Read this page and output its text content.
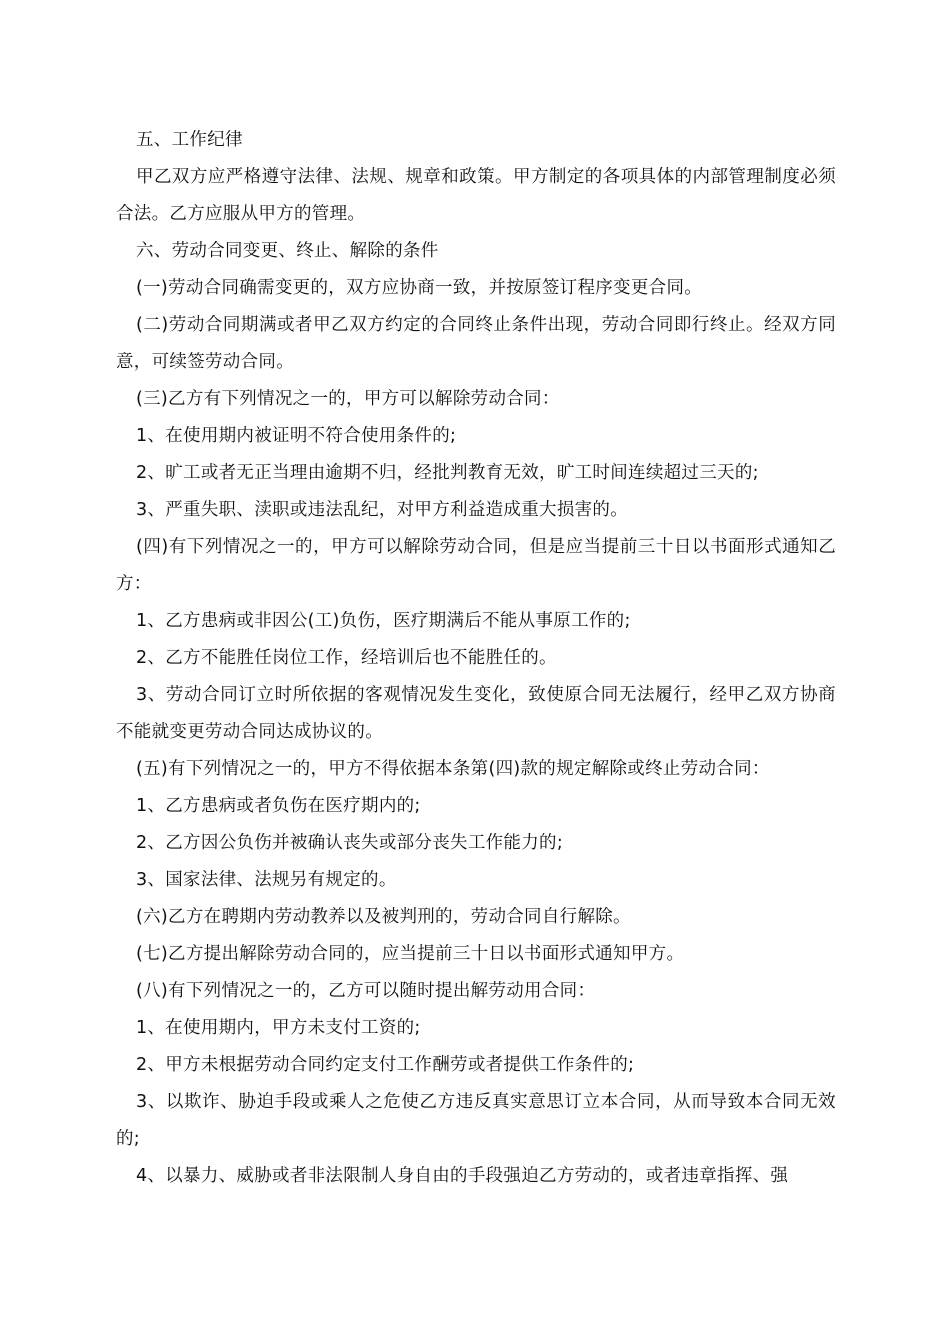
五、工作纪律

甲乙双方应严格遵守法律、法规、规章和政策。甲方制定的各项具体的内部管理制度必须合法。乙方应服从甲方的管理。

六、劳动合同变更、终止、解除的条件

(一)劳动合同确需变更的，双方应协商一致，并按原签订程序变更合同。

(二)劳动合同期满或者甲乙双方约定的合同终止条件出现，劳动合同即行终止。经双方同意，可续签劳动合同。

(三)乙方有下列情况之一的，甲方可以解除劳动合同：

1、在使用期内被证明不符合使用条件的;

2、旷工或者无正当理由逾期不归，经批判教育无效，旷工时间连续超过三天的;

3、严重失职、渎职或违法乱纪，对甲方利益造成重大损害的。

(四)有下列情况之一的，甲方可以解除劳动合同，但是应当提前三十日以书面形式通知乙方：

1、乙方患病或非因公(工)负伤，医疗期满后不能从事原工作的;

2、乙方不能胜任岗位工作，经培训后也不能胜任的。

3、劳动合同订立时所依据的客观情况发生变化，致使原合同无法履行，经甲乙双方协商不能就变更劳动合同达成协议的。

(五)有下列情况之一的，甲方不得依据本条第(四)款的规定解除或终止劳动合同：

1、乙方患病或者负伤在医疗期内的;

2、乙方因公负伤并被确认丧失或部分丧失工作能力的;

3、国家法律、法规另有规定的。

(六)乙方在聘期内劳动教养以及被判刑的，劳动合同自行解除。

(七)乙方提出解除劳动合同的，应当提前三十日以书面形式通知甲方。

(八)有下列情况之一的，乙方可以随时提出解劳动用合同：

1、在使用期内，甲方未支付工资的;

2、甲方未根据劳动合同约定支付工作酬劳或者提供工作条件的;

3、以欺诈、胁迫手段或乘人之危使乙方违反真实意思订立本合同，从而导致本合同无效的;

4、以暴力、威胁或者非法限制人身自由的手段强迫乙方劳动的，或者违章指挥、强
